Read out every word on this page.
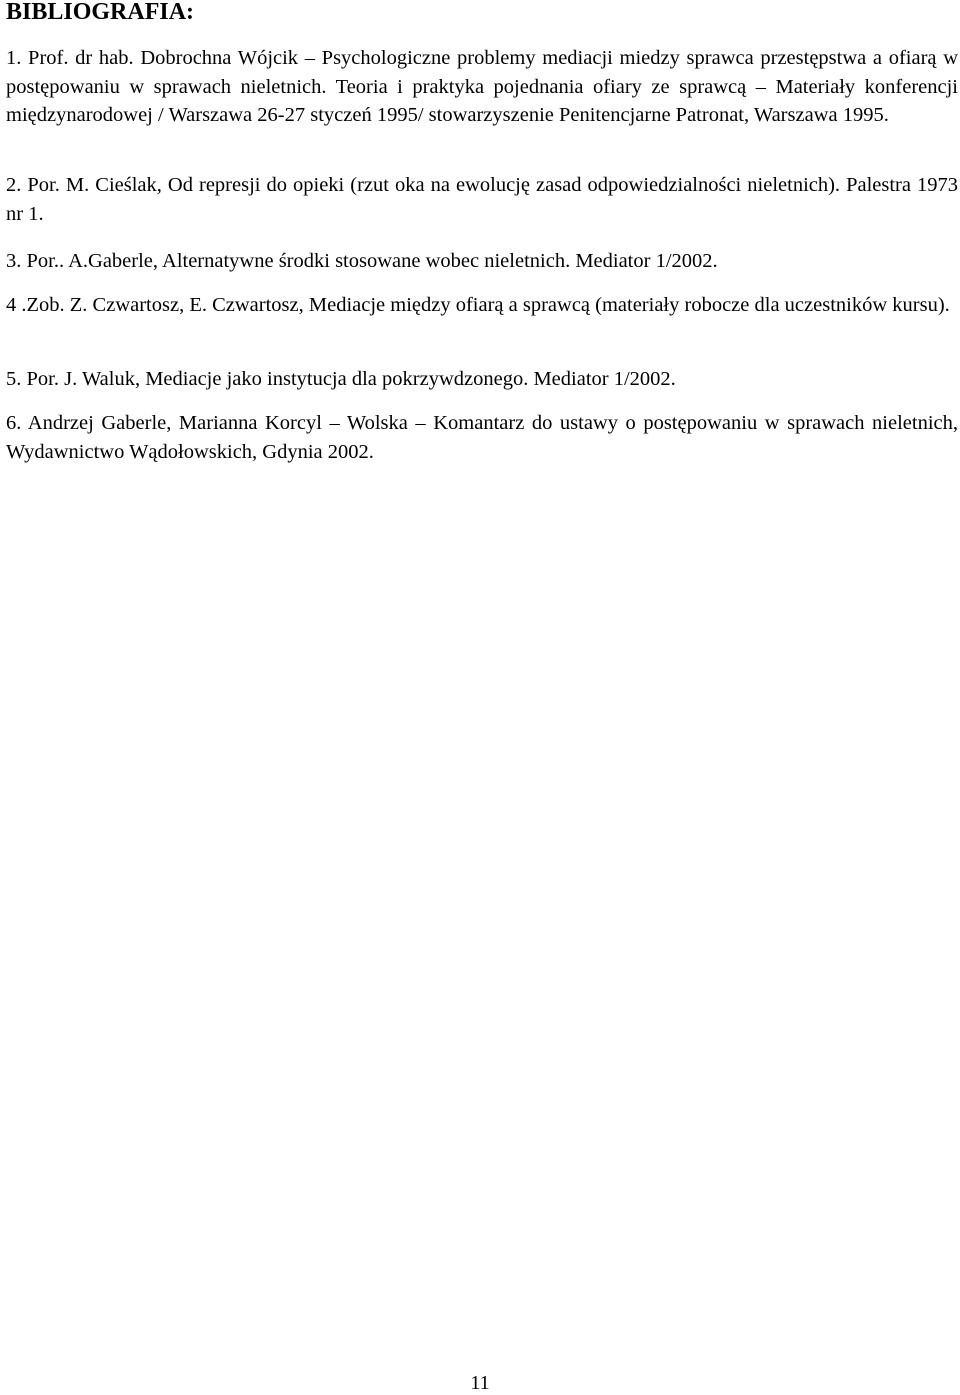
BIBLIOGRAFIA:

1. Prof. dr hab. Dobrochna Wójcik – Psychologiczne problemy mediacji miedzy sprawca przestępstwa a ofiarą w postępowaniu w sprawach nieletnich. Teoria i praktyka pojednania ofiary ze sprawcą – Materiały konferencji międzynarodowej / Warszawa 26-27 styczeń 1995/ stowarzyszenie Penitencjarne Patronat, Warszawa 1995.

2. Por. M. Cieślak, Od represji do opieki (rzut oka na ewolucję zasad odpowiedzialności nieletnich). Palestra 1973 nr 1.

3. Por.. A.Gaberle, Alternatywne środki stosowane wobec nieletnich. Mediator 1/2002.

4 .Zob. Z. Czwartosz, E. Czwartosz, Mediacje między ofiarą a sprawcą (materiały robocze dla uczestników kursu).

5. Por. J. Waluk, Mediacje jako instytucja dla pokrzywdzonego. Mediator 1/2002.

6. Andrzej Gaberle, Marianna Korcyl – Wolska – Komantarz do ustawy o postępowaniu w sprawach nieletnich, Wydawnictwo Wądołowskich, Gdynia 2002.

11
